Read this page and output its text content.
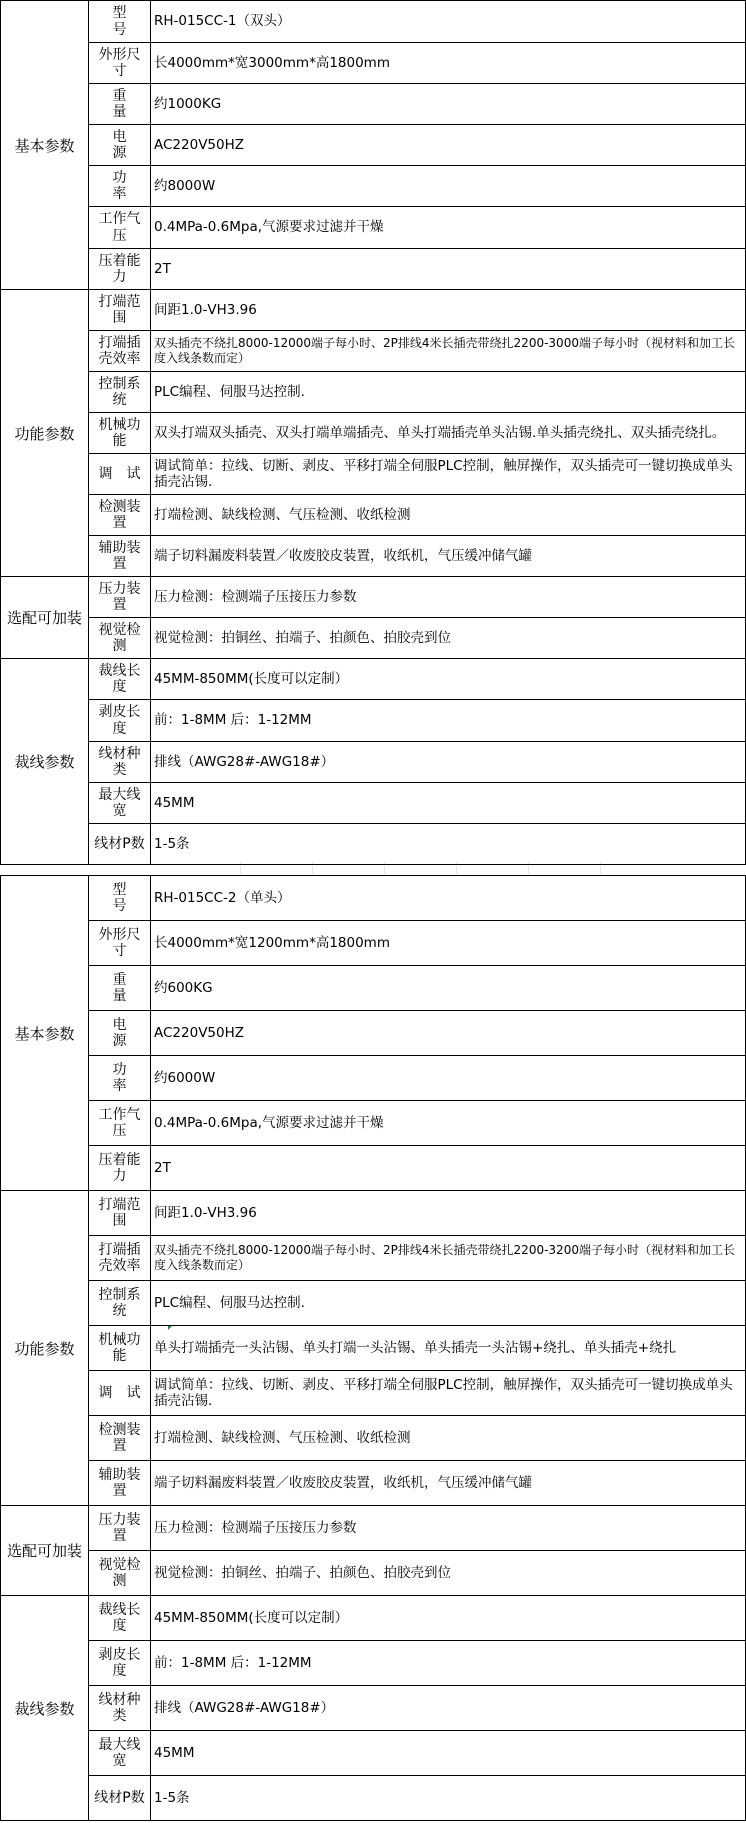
基本参数	型　　号	RH-015CC-1（双头）
	外形尺寸	长4000mm*宽3000mm*高1800mm
	重　　量	约1000KG
	电　　源	AC220V50HZ
	功　　率	约8000W
	工作气压	0.4MPa-0.6Mpa,气源要求过滤并干燥
	压着能力	2T
功能参数	打端范围	间距1.0-VH3.96
	打端插壳效率	双头插壳不绕扎8000-12000端子每小时、2P排线4米长插壳带绕扎2200-3000端子每小时（视材料和加工长度入线条数而定）
	控制系统	PLC编程、伺服马达控制.
	机械功能	双头打端双头插壳、双头打端单端插壳、单头打端插壳单头沾锡.单头插壳绕扎、双头插壳绕扎。
	调　试	调试简单：拉线、切断、剥皮、平移打端全伺服PLC控制，触屏操作，双头插壳可一键切换成单头插壳沾锡.
	检测装置	打端检测、缺线检测、气压检测、收纸检测
	辅助装置	端子切料漏废料装置／收废胶皮装置，收纸机，气压缓冲储气罐
选配可加装	压力装置	压力检测：检测端子压接压力参数
	视觉检测	视觉检测：拍铜丝、拍端子、拍颜色、拍胶壳到位
裁线参数	裁线长度	45MM-850MM(长度可以定制）
	剥皮长度	前：1-8MM 后：1-12MM
	线材种类	排线（AWG28#-AWG18#）
	最大线宽	45MM
	线材P数	1-5条
基本参数	型　　号	RH-015CC-2（单头）
	外形尺寸	长4000mm*宽1200mm*高1800mm
	重　　量	约600KG
	电　　源	AC220V50HZ
	功　　率	约6000W
	工作气压	0.4MPa-0.6Mpa,气源要求过滤并干燥
	压着能力	2T
功能参数	打端范围	间距1.0-VH3.96
	打端插壳效率	双头插壳不绕扎8000-12000端子每小时、2P排线4米长插壳带绕扎2200-3200端子每小时（视材料和加工长度入线条数而定）
	控制系统	PLC编程、伺服马达控制.
	机械功能	单头打端插壳一头沾锡、单头打端一头沾锡、单头插壳一头沾锡+绕扎、单头插壳+绕扎
	调　试	调试简单：拉线、切断、剥皮、平移打端全伺服PLC控制，触屏操作，双头插壳可一键切换成单头插壳沾锡.
	检测装置	打端检测、缺线检测、气压检测、收纸检测
	辅助装置	端子切料漏废料装置／收废胶皮装置，收纸机，气压缓冲储气罐
选配可加装	压力装置	压力检测：检测端子压接压力参数
	视觉检测	视觉检测：拍铜丝、拍端子、拍颜色、拍胶壳到位
裁线参数	裁线长度	45MM-850MM(长度可以定制）
	剥皮长度	前：1-8MM 后：1-12MM
	线材种类	排线（AWG28#-AWG18#）
	最大线宽	45MM
	线材P数	1-5条
